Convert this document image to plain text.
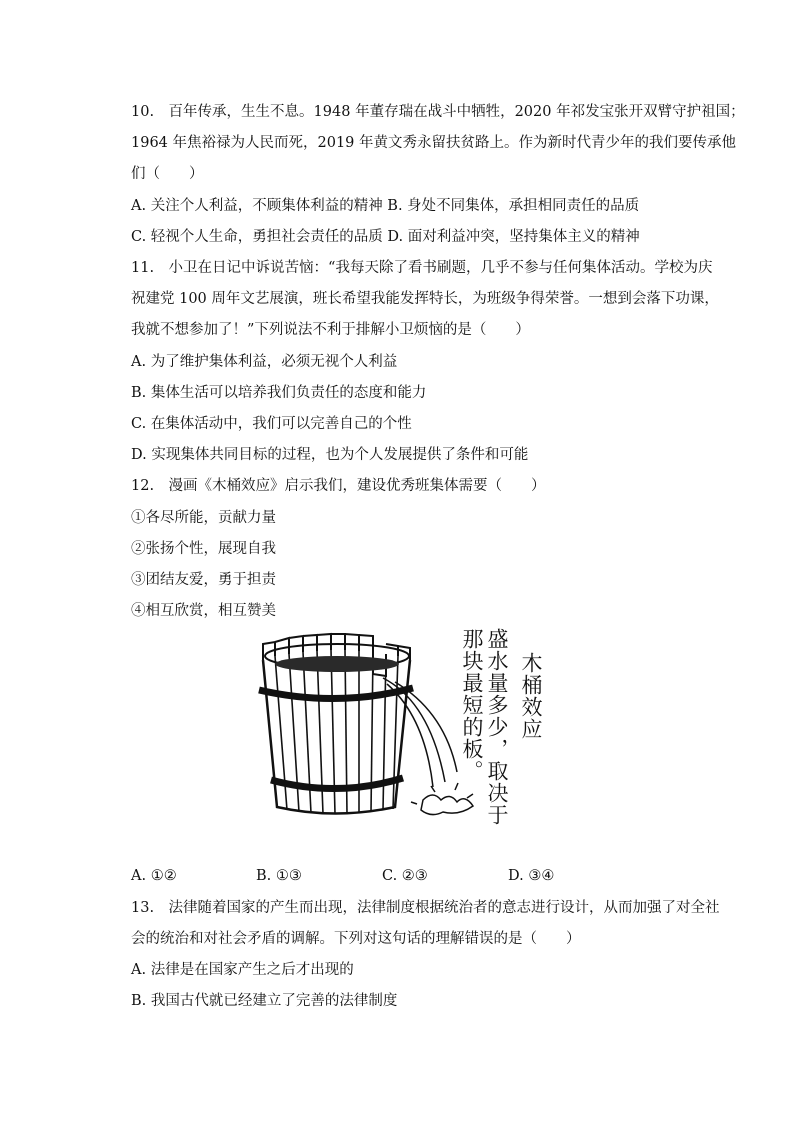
10.　百年传承，生生不息。1948 年董存瑞在战斗中牺牲，2020 年祁发宝张开双臂守护祖国；
1964 年焦裕禄为人民而死，2019 年黄文秀永留扶贫路上。作为新时代青少年的我们要传承他
们（　　）
A. 关注个人利益，不顾集体利益的精神 B. 身处不同集体，承担相同责任的品质
C. 轻视个人生命，勇担社会责任的品质 D. 面对利益冲突，坚持集体主义的精神
11.　小卫在日记中诉说苦恼：“我每天除了看书刷题，几乎不参与任何集体活动。学校为庆
祝建党 100 周年文艺展演，班长希望我能发挥特长，为班级争得荣誉。一想到会落下功课，
我就不想参加了！”下列说法不利于排解小卫烦恼的是（　　）
A. 为了维护集体利益，必须无视个人利益
B. 集体生活可以培养我们负责任的态度和能力
C. 在集体活动中，我们可以完善自己的个性
D. 实现集体共同目标的过程，也为个人发展提供了条件和可能
12.　漫画《木桶效应》启示我们，建设优秀班集体需要（　　）
①各尽所能，贡献力量
②张扬个性，展现自我
③团结友爱，勇于担责
④相互欣赏，相互赞美
那块最短的板。 盛水量多少，取决于 木桶效应
A. ①②	B. ①③	C. ②③	D. ③④
13.　法律随着国家的产生而出现，法律制度根据统治者的意志进行设计，从而加强了对全社
会的统治和对社会矛盾的调解。下列对这句话的理解错误的是（　　）
A. 法律是在国家产生之后才出现的
B. 我国古代就已经建立了完善的法律制度
